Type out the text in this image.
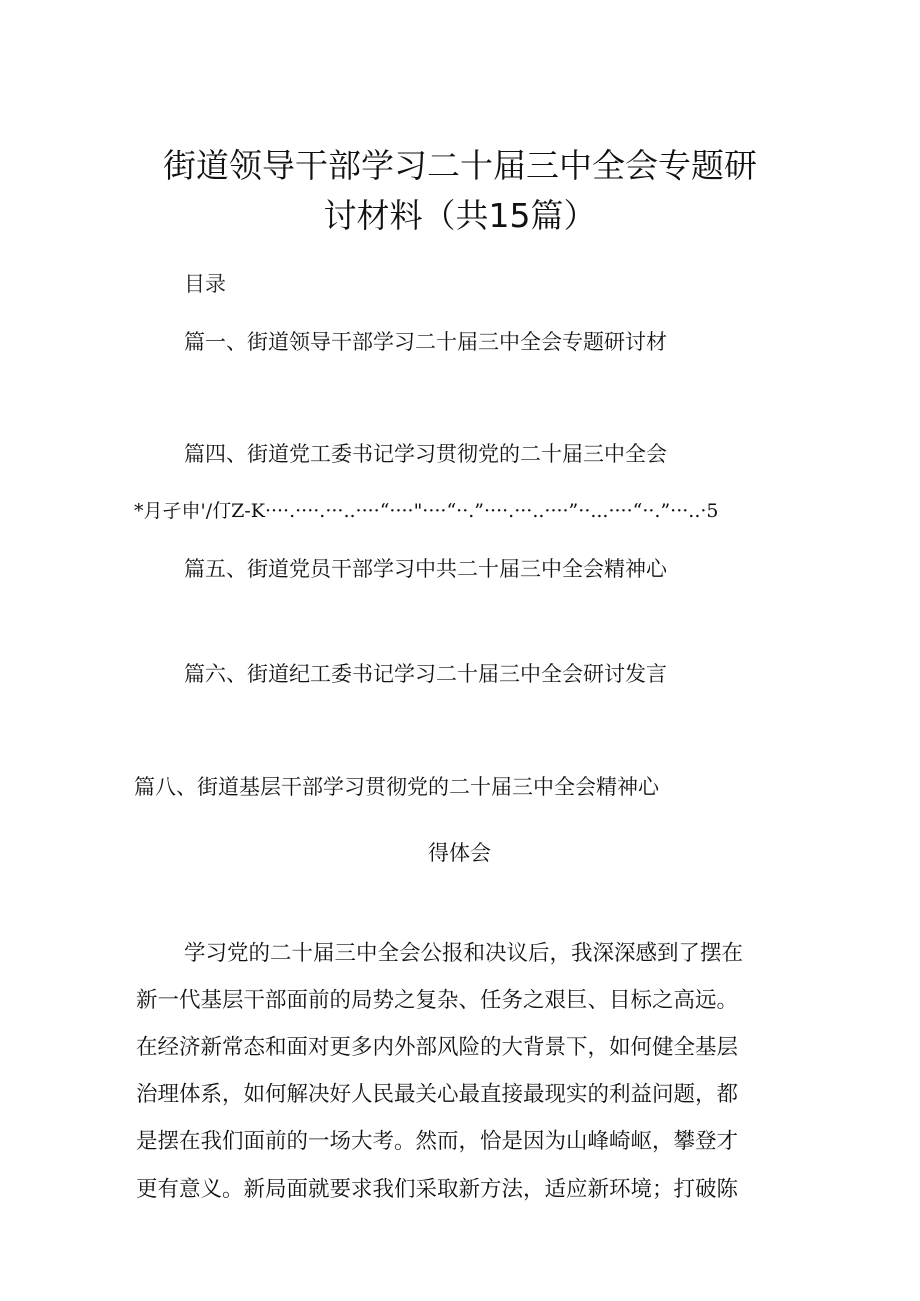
街道领导干部学习二十届三中全会专题研
讨材料（共15篇）
目录
篇一、街道领导干部学习二十届三中全会专题研讨材
篇四、街道党工委书记学习贯彻党的二十届三中全会
*月孑申'/仃Z-K····.····.···..····“····"····“··.”····.···..····”··...····“··.”···..·5
篇五、街道党员干部学习中共二十届三中全会精神心
篇六、街道纪工委书记学习二十届三中全会研讨发言
篇八、街道基层干部学习贯彻党的二十届三中全会精神心
得体会
学习党的二十届三中全会公报和决议后，我深深感到了摆在
新一代基层干部面前的局势之复杂、任务之艰巨、目标之高远。
在经济新常态和面对更多内外部风险的大背景下，如何健全基层
治理体系，如何解决好人民最关心最直接最现实的利益问题，都
是摆在我们面前的一场大考。然而，恰是因为山峰崎岖，攀登才
更有意义。新局面就要求我们采取新方法，适应新环境；打破陈
